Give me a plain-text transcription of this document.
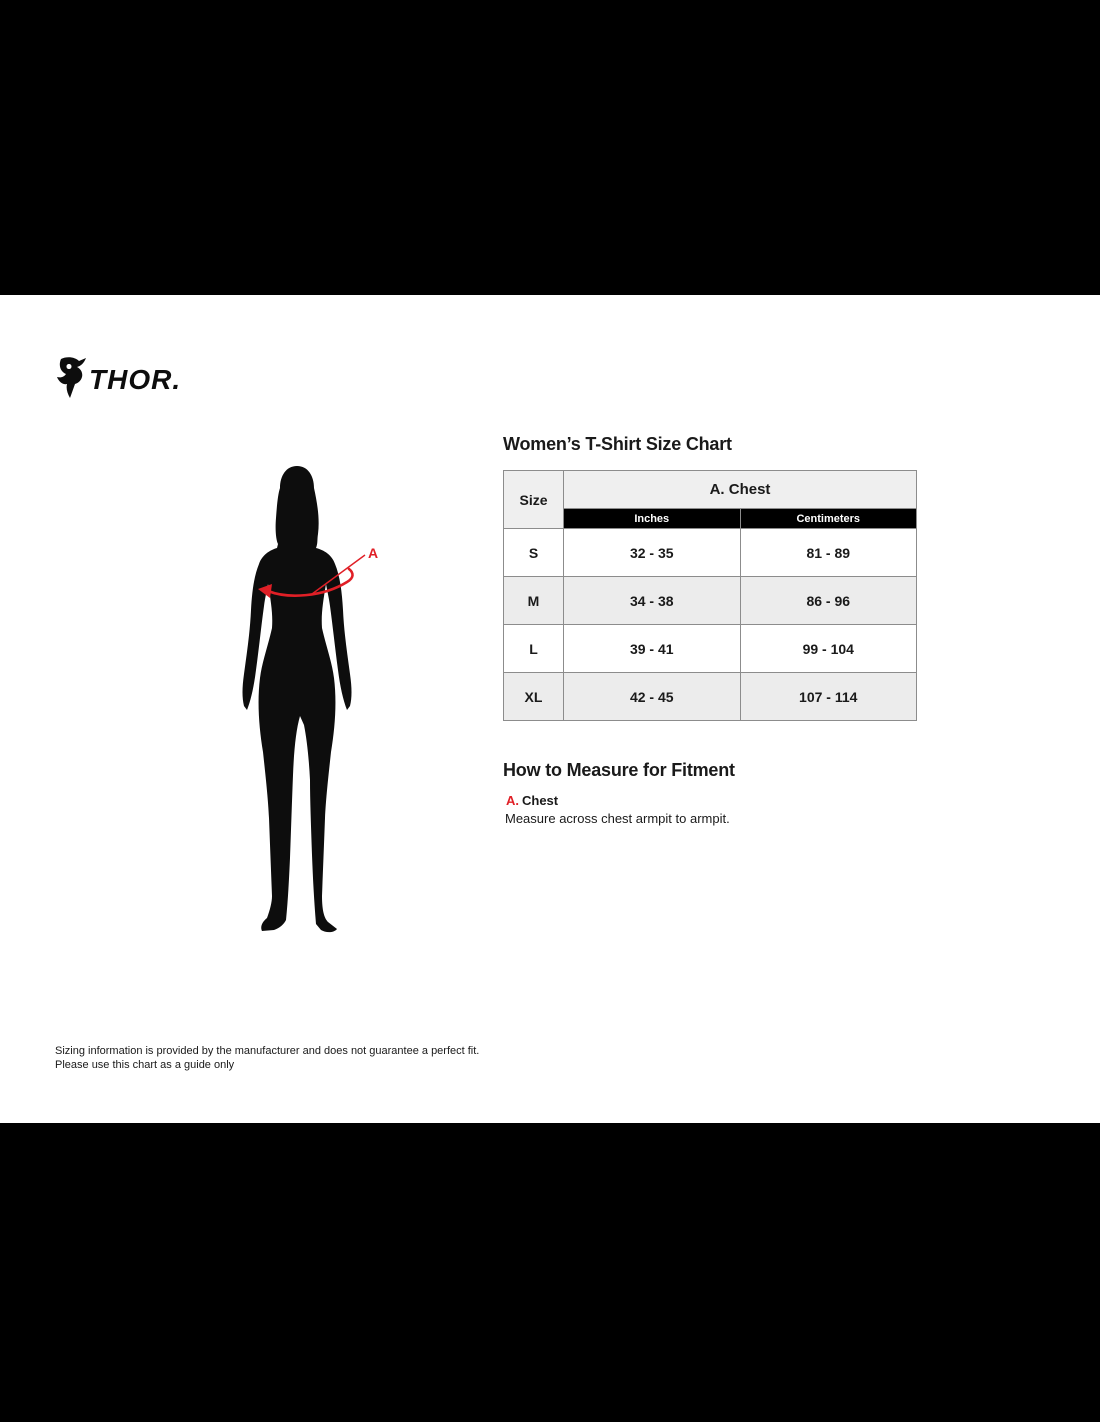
THOR.
A
Women’s T-Shirt Size Chart
Size	A. Chest	
	Inches	Centimeters
S	32 - 35	81 - 89
M	34 - 38	86 - 96
L	39 - 41	99 - 104
XL	42 - 45	107 - 114
How to Measure for Fitment
A. Chest
Measure across chest armpit to armpit.
Sizing information is provided by the manufacturer and does not guarantee a perfect fit.
Please use this chart as a guide only
